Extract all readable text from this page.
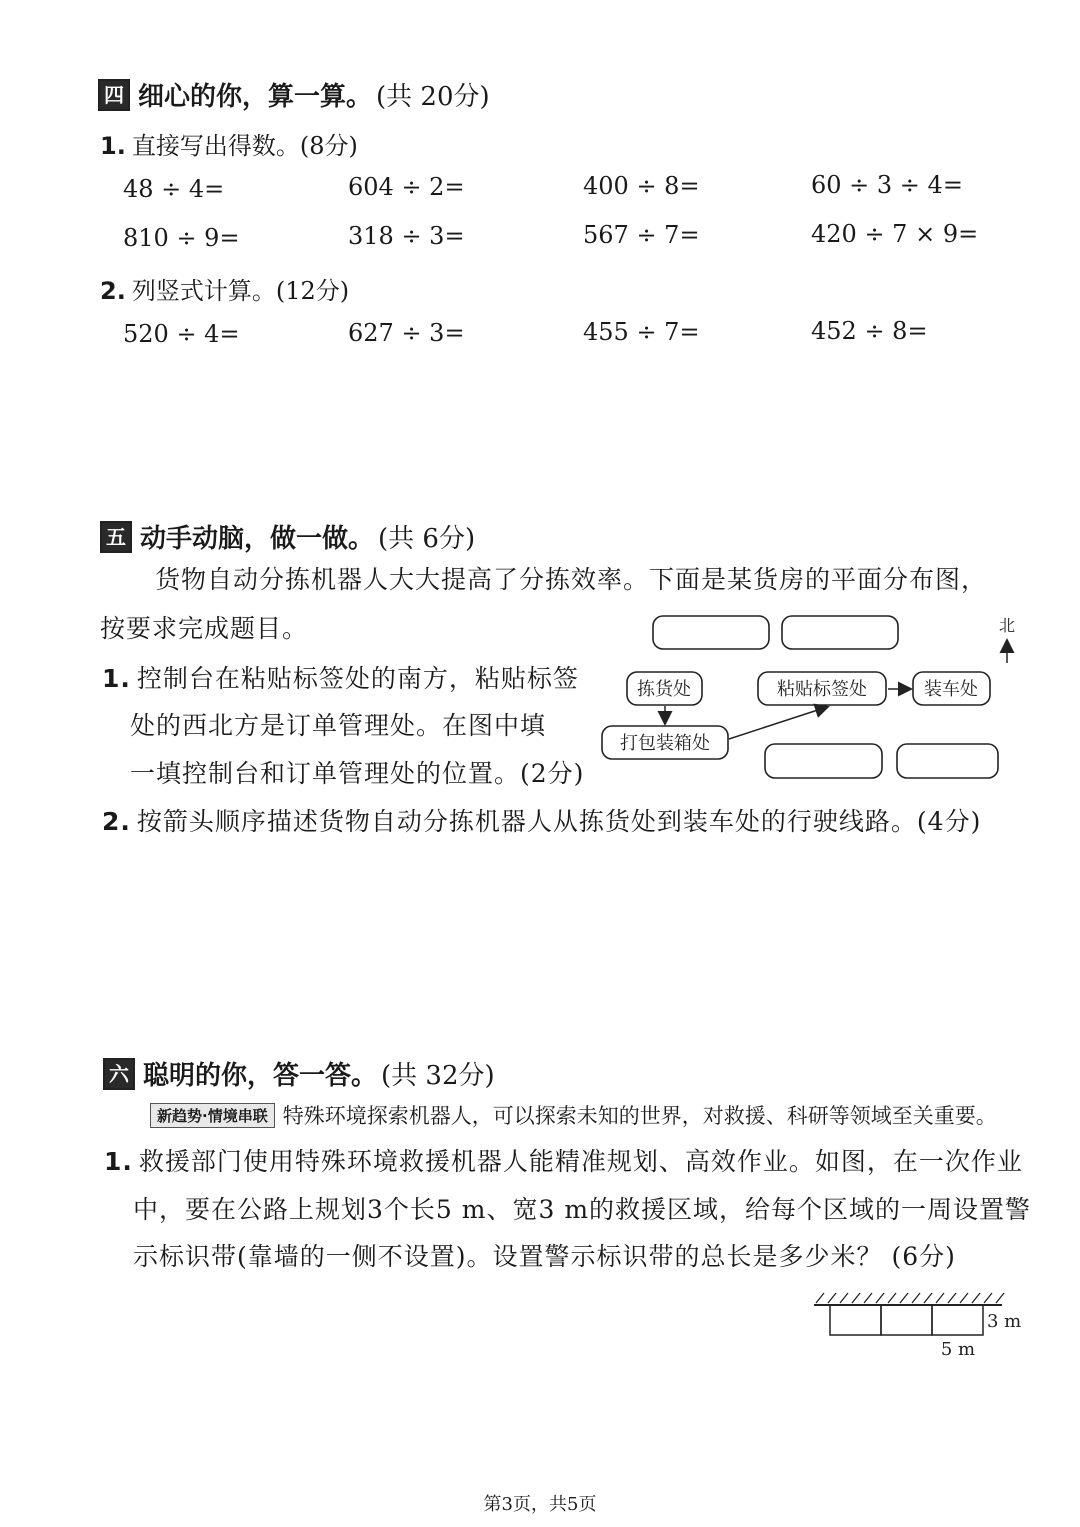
四 细心的你，算一算。 (共 20分)
1. 直接写出得数。(8分)
48 ÷ 4=	604 ÷ 2=	400 ÷ 8=	60 ÷ 3 ÷ 4=
810 ÷ 9=	318 ÷ 3=	567 ÷ 7=	420 ÷ 7 × 9=
2. 列竖式计算。(12分)
520 ÷ 4=	627 ÷ 3=	455 ÷ 7=	452 ÷ 8=
五 动手动脑，做一做。 (共 6分)
货物自动分拣机器人大大提高了分拣效率。下面是某货房的平面分布图，
按要求完成题目。
1. 控制台在粘贴标签处的南方，粘贴标签
处的西北方是订单管理处。在图中填
一填控制台和订单管理处的位置。(2分)
2. 按箭头顺序描述货物自动分拣机器人从拣货处到装车处的行驶线路。(4分)
北
拣货处	粘贴标签处	装车处
打包装箱处
六 聪明的你，答一答。 (共 32分)
新趋势·情境串联 特殊环境探索机器人，可以探索未知的世界，对救援、科研等领域至关重要。
1. 救援部门使用特殊环境救援机器人能精准规划、高效作业。如图，在一次作业
中，要在公路上规划3个长5 m、宽3 m的救援区域，给每个区域的一周设置警
示标识带(靠墙的一侧不设置)。设置警示标识带的总长是多少米？ (6分)
3 m
5 m
第3页，共5页
